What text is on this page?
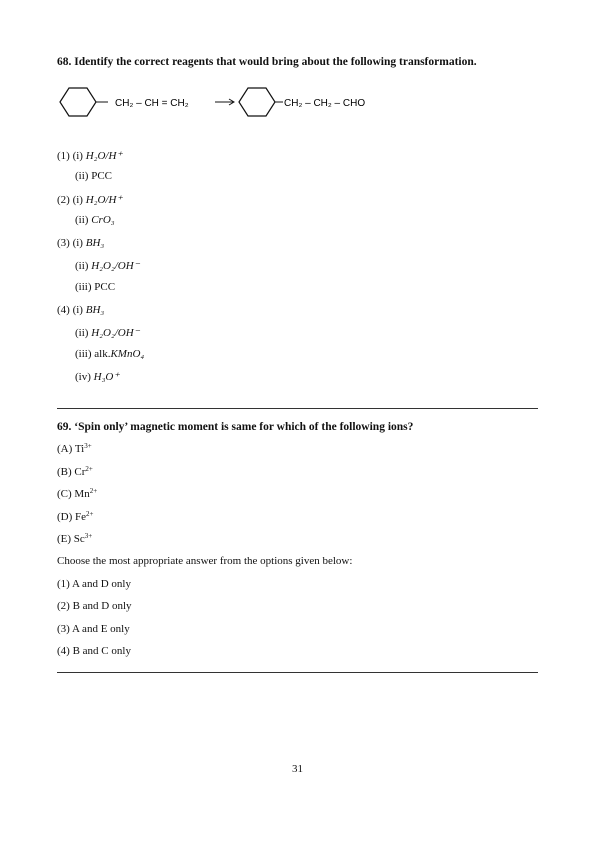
68. Identify the correct reagents that would bring about the following transformation.
CH₂ – CH = CH₂	CH₂ – CH₂ – CHO
(1) (i) H₂O/H⁺
(ii) PCC
(2) (i) H₂O/H⁺
(ii) CrO₃
(3) (i) BH₃
(ii) H₂O₂/OH⁻
(iii) PCC
(4) (i) BH₃
(ii) H₂O₂/OH⁻
(iii) alk.KMnO₄
(iv) H₃O⁺
69. ‘Spin only’ magnetic moment is same for which of the following ions?
(A) $Ti^{3+}$
(B) $Cr^{2+}$
(C) $Mn^{2+}$
(D) $Fe^{2+}$
(E) $Sc^{3+}$
Choose the most appropriate answer from the options given below:
(1) A and D only
(2) B and D only
(3) A and E only
(4) B and C only
31
